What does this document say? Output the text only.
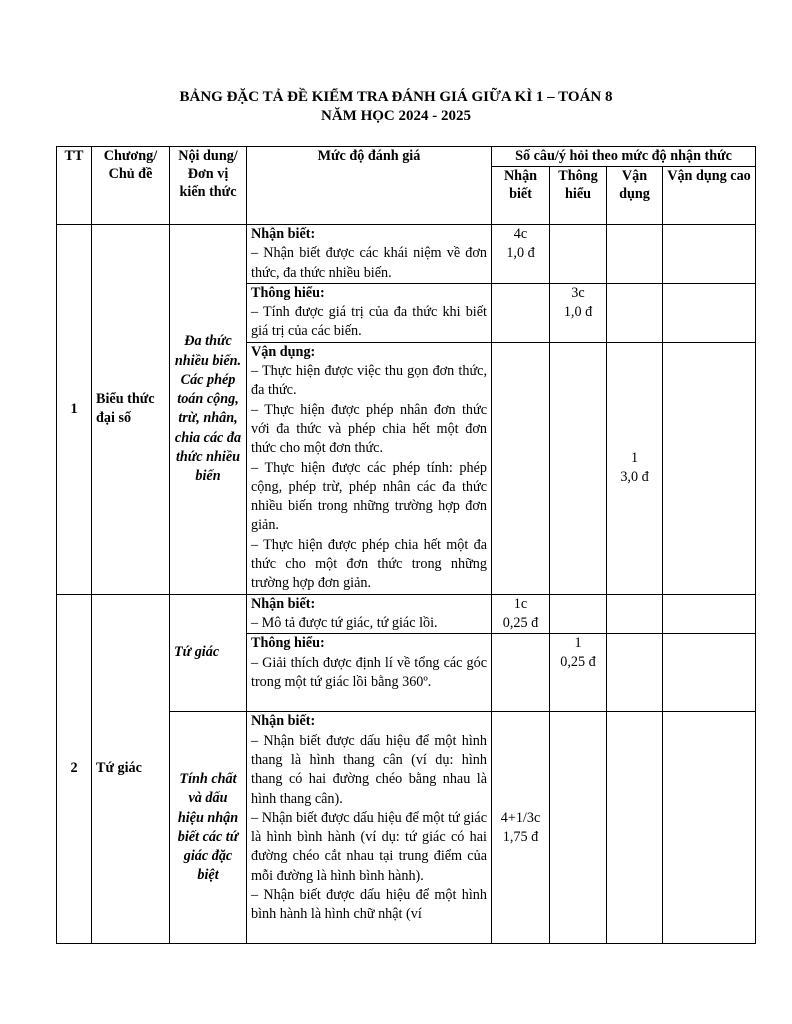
BẢNG ĐẶC TẢ ĐỀ KIỂM TRA ĐÁNH GIÁ GIỮA KÌ 1 – TOÁN 8
NĂM HỌC 2024 - 2025
TT	Chương/ Chủ đề	Nội dung/Đơn vị kiến thức	Mức độ đánh giá	Số câu/ý hỏi theo mức độ nhận thức			
				Nhận biết	Thông hiểu	Vận dụng	Vận dụng cao
1	Biểu thức đại số	Đa thức nhiều biến. Các phép toán cộng, trừ, nhân, chia các đa thức nhiều biến	Nhận biết:
– Nhận biết được các khái niệm về đơn thức, đa thức nhiều biến.	4c
1,0 đ			

			Thông hiểu:
– Tính được giá trị của đa thức khi biết giá trị của các biến.		3c
1,0 đ		

			Vận dụng:
– Thực hiện được việc thu gọn đơn thức, đa thức.
– Thực hiện được phép nhân đơn thức với đa thức và phép chia hết một đơn thức cho một đơn thức.
– Thực hiện được các phép tính: phép cộng, phép trừ, phép nhân các đa thức nhiều biến trong những trường hợp đơn giản.
– Thực hiện được phép chia hết một đa thức cho một đơn thức trong những trường hợp đơn giản.			1
3,0 đ	

2	Tứ giác	Tứ giác	Nhận biết:
– Mô tả được tứ giác, tứ giác lồi.	1c
0,25 đ			

			Thông hiểu:
– Giải thích được định lí về tổng các góc trong một tứ giác lồi bằng 360º.		1
0,25 đ		

		Tính chất và dấu hiệu nhận biết các tứ giác đặc biệt	Nhận biết:
– Nhận biết được dấu hiệu để một hình thang là hình thang cân (ví dụ: hình thang có hai đường chéo bằng nhau là hình thang cân).
– Nhận biết được dấu hiệu để một tứ giác là hình bình hành (ví dụ: tứ giác có hai đường chéo cắt nhau tại trung điểm của mỗi đường là hình bình hành).
– Nhận biết được dấu hiệu để một hình bình hành là hình chữ nhật (ví	4+1/3c
1,75 đ			
